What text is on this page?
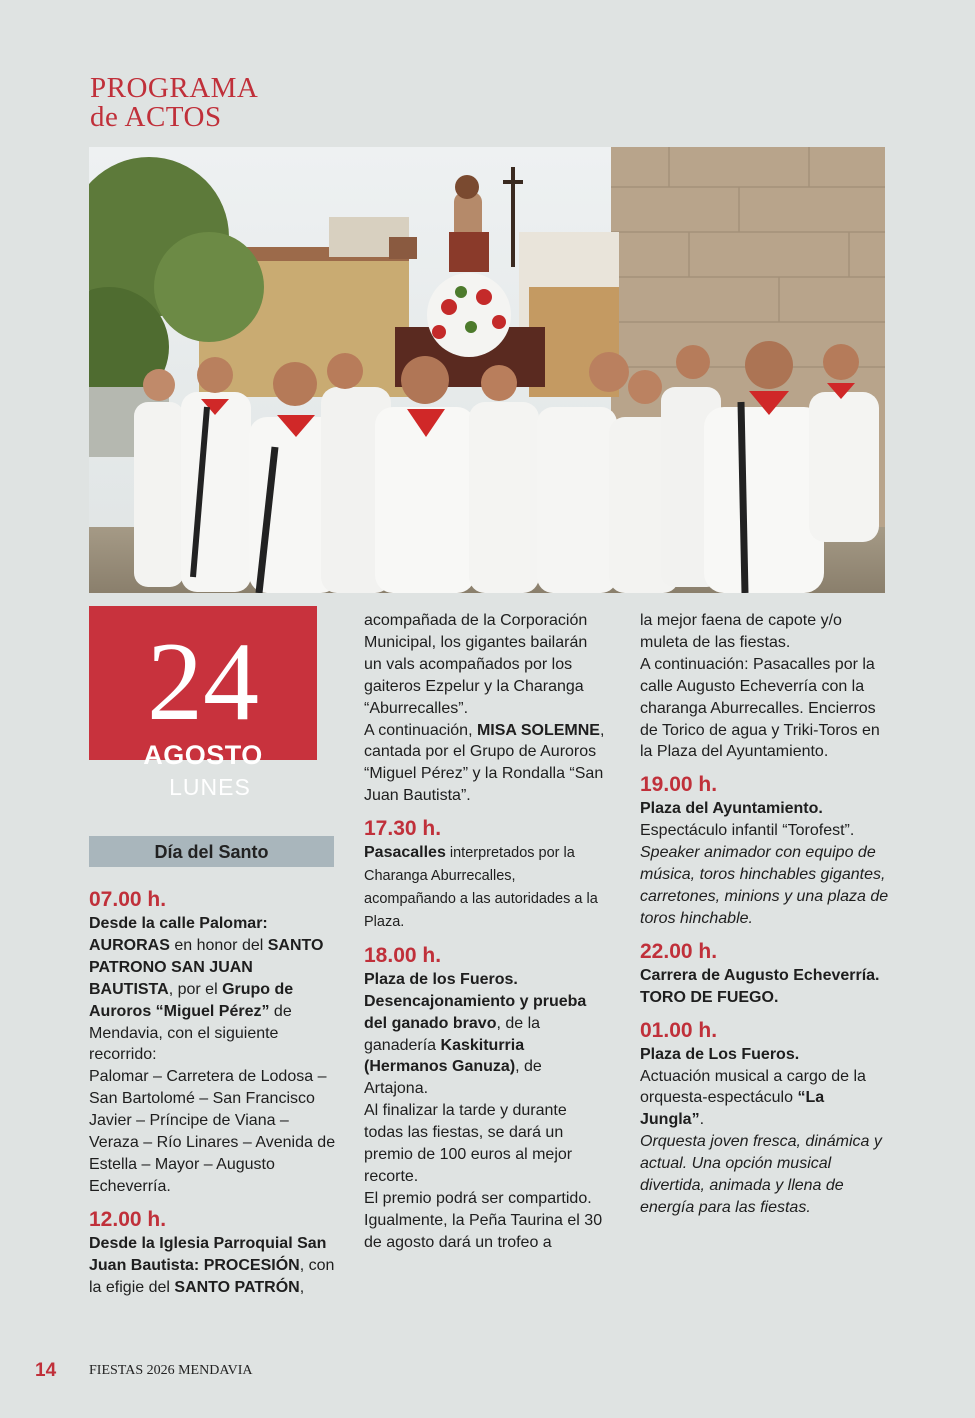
PROGRAMA
de ACTOS
24
AGOSTO
LUNES
Día del Santo
07.00 h.
Desde la calle Palomar: AURORAS en honor del SANTO PATRONO SAN JUAN BAUTISTA, por el Grupo de Auroros “Miguel Pérez” de Mendavia, con el siguiente recorrido:
Palomar – Carretera de Lodosa – San Bartolomé – San Francisco Javier – Príncipe de Viana – Veraza – Río Linares – Avenida de Estella – Mayor – Augusto Echeverría.
12.00 h.
Desde la Iglesia Parroquial San Juan Bautista: PROCESIÓN, con la efigie del SANTO PATRÓN,
acompañada de la Corporación Municipal, los gigantes bailarán un vals acompañados por los gaiteros Ezpelur y la Charanga “Aburrecalles”.
A continuación, MISA SOLEMNE, cantada por el Grupo de Auroros “Miguel Pérez” y la Rondalla “San Juan Bautista”.
17.30 h.
Pasacalles interpretados por la Charanga Aburrecalles, acompañando a las autoridades a la Plaza.
18.00 h.
Plaza de los Fueros. Desencajonamiento y prueba del ganado bravo, de la ganadería Kaskiturria (Hermanos Ganuza), de Artajona.
Al finalizar la tarde y durante todas las fiestas, se dará un premio de 100 euros al mejor recorte.
El premio podrá ser compartido.
Igualmente, la Peña Taurina el 30 de agosto dará un trofeo a
la mejor faena de capote y/o muleta de las fiestas.
A continuación: Pasacalles por la calle Augusto Echeverría con la charanga Aburrecalles. Encierros de Torico de agua y Triki-Toros en la Plaza del Ayuntamiento.
19.00 h.
Plaza del Ayuntamiento.
Espectáculo infantil “Torofest”.
Speaker animador con equipo de música, toros hinchables gigantes, carretones, minions y una plaza de toros hinchable.
22.00 h.
Carrera de Augusto Echeverría.
TORO DE FUEGO.
01.00 h.
Plaza de Los Fueros.
Actuación musical a cargo de la orquesta-espectáculo “La Jungla”.
Orquesta joven fresca, dinámica y actual. Una opción musical divertida, animada y llena de energía para las fiestas.
14 FIESTAS 2026 MENDAVIA
